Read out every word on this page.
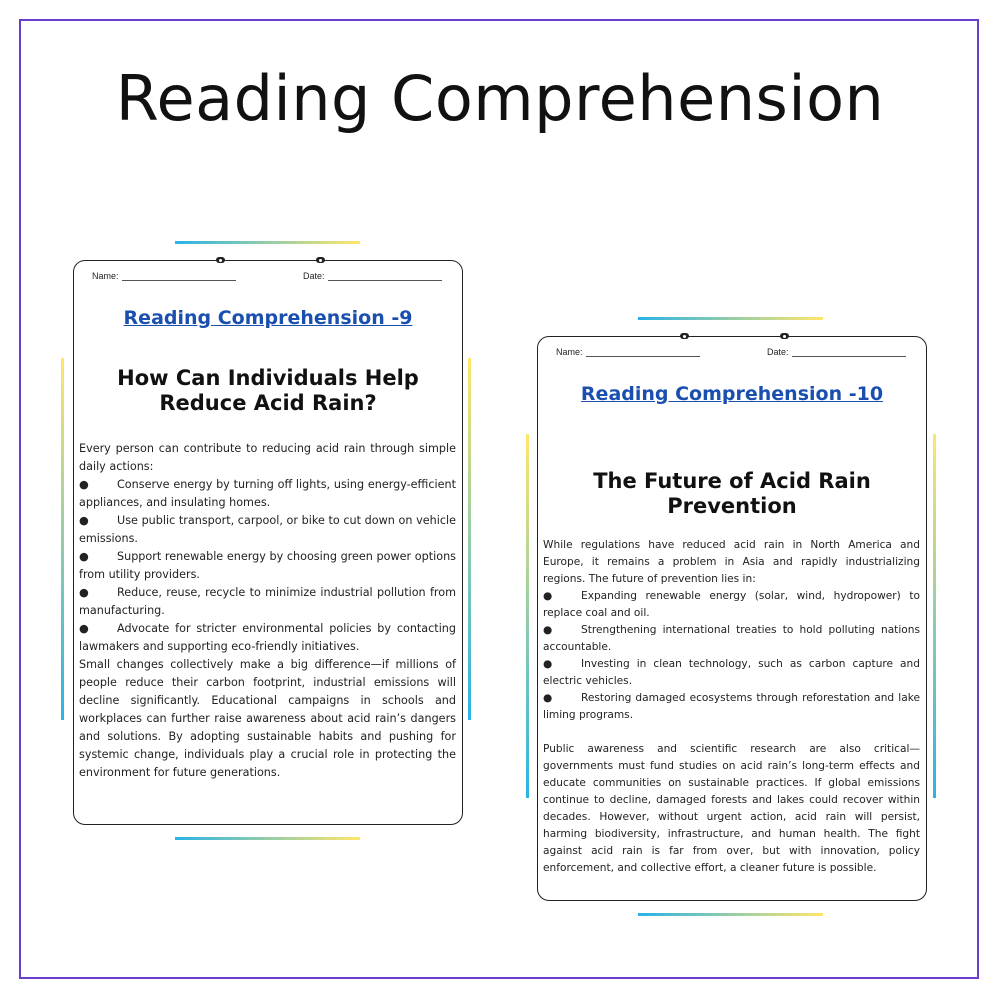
Reading Comprehension
Name:	Date:
Reading Comprehension -9
How Can Individuals Help Reduce Acid Rain?

Every person can contribute to reducing acid rain through simple daily actions:

●	Conserve energy by turning off lights, using energy-efficient appliances, and insulating homes.

●	Use public transport, carpool, or bike to cut down on vehicle emissions.

●	Support renewable energy by choosing green power options from utility providers.

●	Reduce, reuse, recycle to minimize industrial pollution from manufacturing.

●	Advocate for stricter environmental policies by contacting lawmakers and supporting eco-friendly initiatives.

Small changes collectively make a big difference—if millions of people reduce their carbon footprint, industrial emissions will decline significantly. Educational campaigns in schools and workplaces can further raise awareness about acid rain’s dangers and solutions. By adopting sustainable habits and pushing for systemic change, individuals play a crucial role in protecting the environment for future generations.

Name:	Date:
Reading Comprehension -10
The Future of Acid Rain Prevention

While regulations have reduced acid rain in North America and Europe, it remains a problem in Asia and rapidly industrializing regions. The future of prevention lies in:

●	Expanding renewable energy (solar, wind, hydropower) to replace coal and oil.

●	Strengthening international treaties to hold polluting nations accountable.

●	Investing in clean technology, such as carbon capture and electric vehicles.

●	Restoring damaged ecosystems through reforestation and lake liming programs.

Public awareness and scientific research are also critical—governments must fund studies on acid rain’s long-term effects and educate communities on sustainable practices. If global emissions continue to decline, damaged forests and lakes could recover within decades. However, without urgent action, acid rain will persist, harming biodiversity, infrastructure, and human health. The fight against acid rain is far from over, but with innovation, policy enforcement, and collective effort, a cleaner future is possible.
